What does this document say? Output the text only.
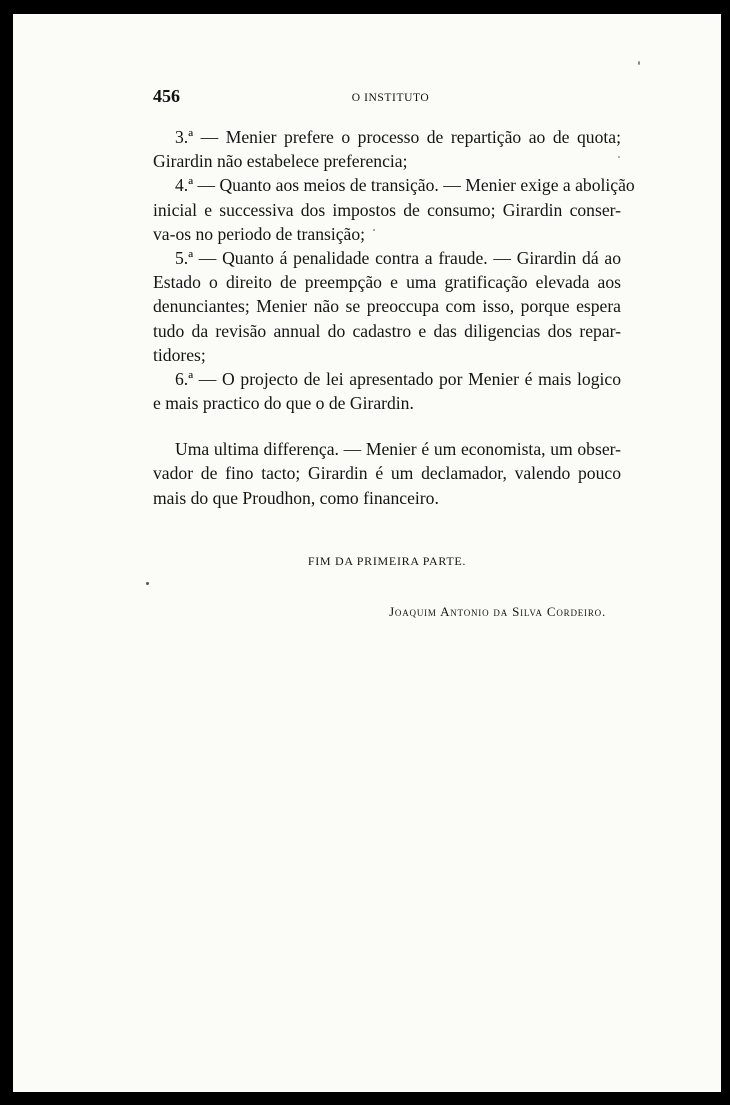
456	O INSTITUTO
3.ª — Menier prefere o processo de repartição ao de quota;
Girardin não estabelece preferencia;
4.ª — Quanto aos meios de transição. — Menier exige a abolição
inicial e successiva dos impostos de consumo; Girardin conser-
va-os no periodo de transição;
5.ª — Quanto á penalidade contra a fraude. — Girardin dá ao
Estado o direito de preempção e uma gratificação elevada aos
denunciantes; Menier não se preoccupa com isso, porque espera
tudo da revisão annual do cadastro e das diligencias dos repar-
tidores;
6.ª — O projecto de lei apresentado por Menier é mais logico
e mais practico do que o de Girardin.
Uma ultima differença. — Menier é um economista, um obser-
vador de fino tacto; Girardin é um declamador, valendo pouco
mais do que Proudhon, como financeiro.
FIM DA PRIMEIRA PARTE.
Joaquim Antonio da Silva Cordeiro.
